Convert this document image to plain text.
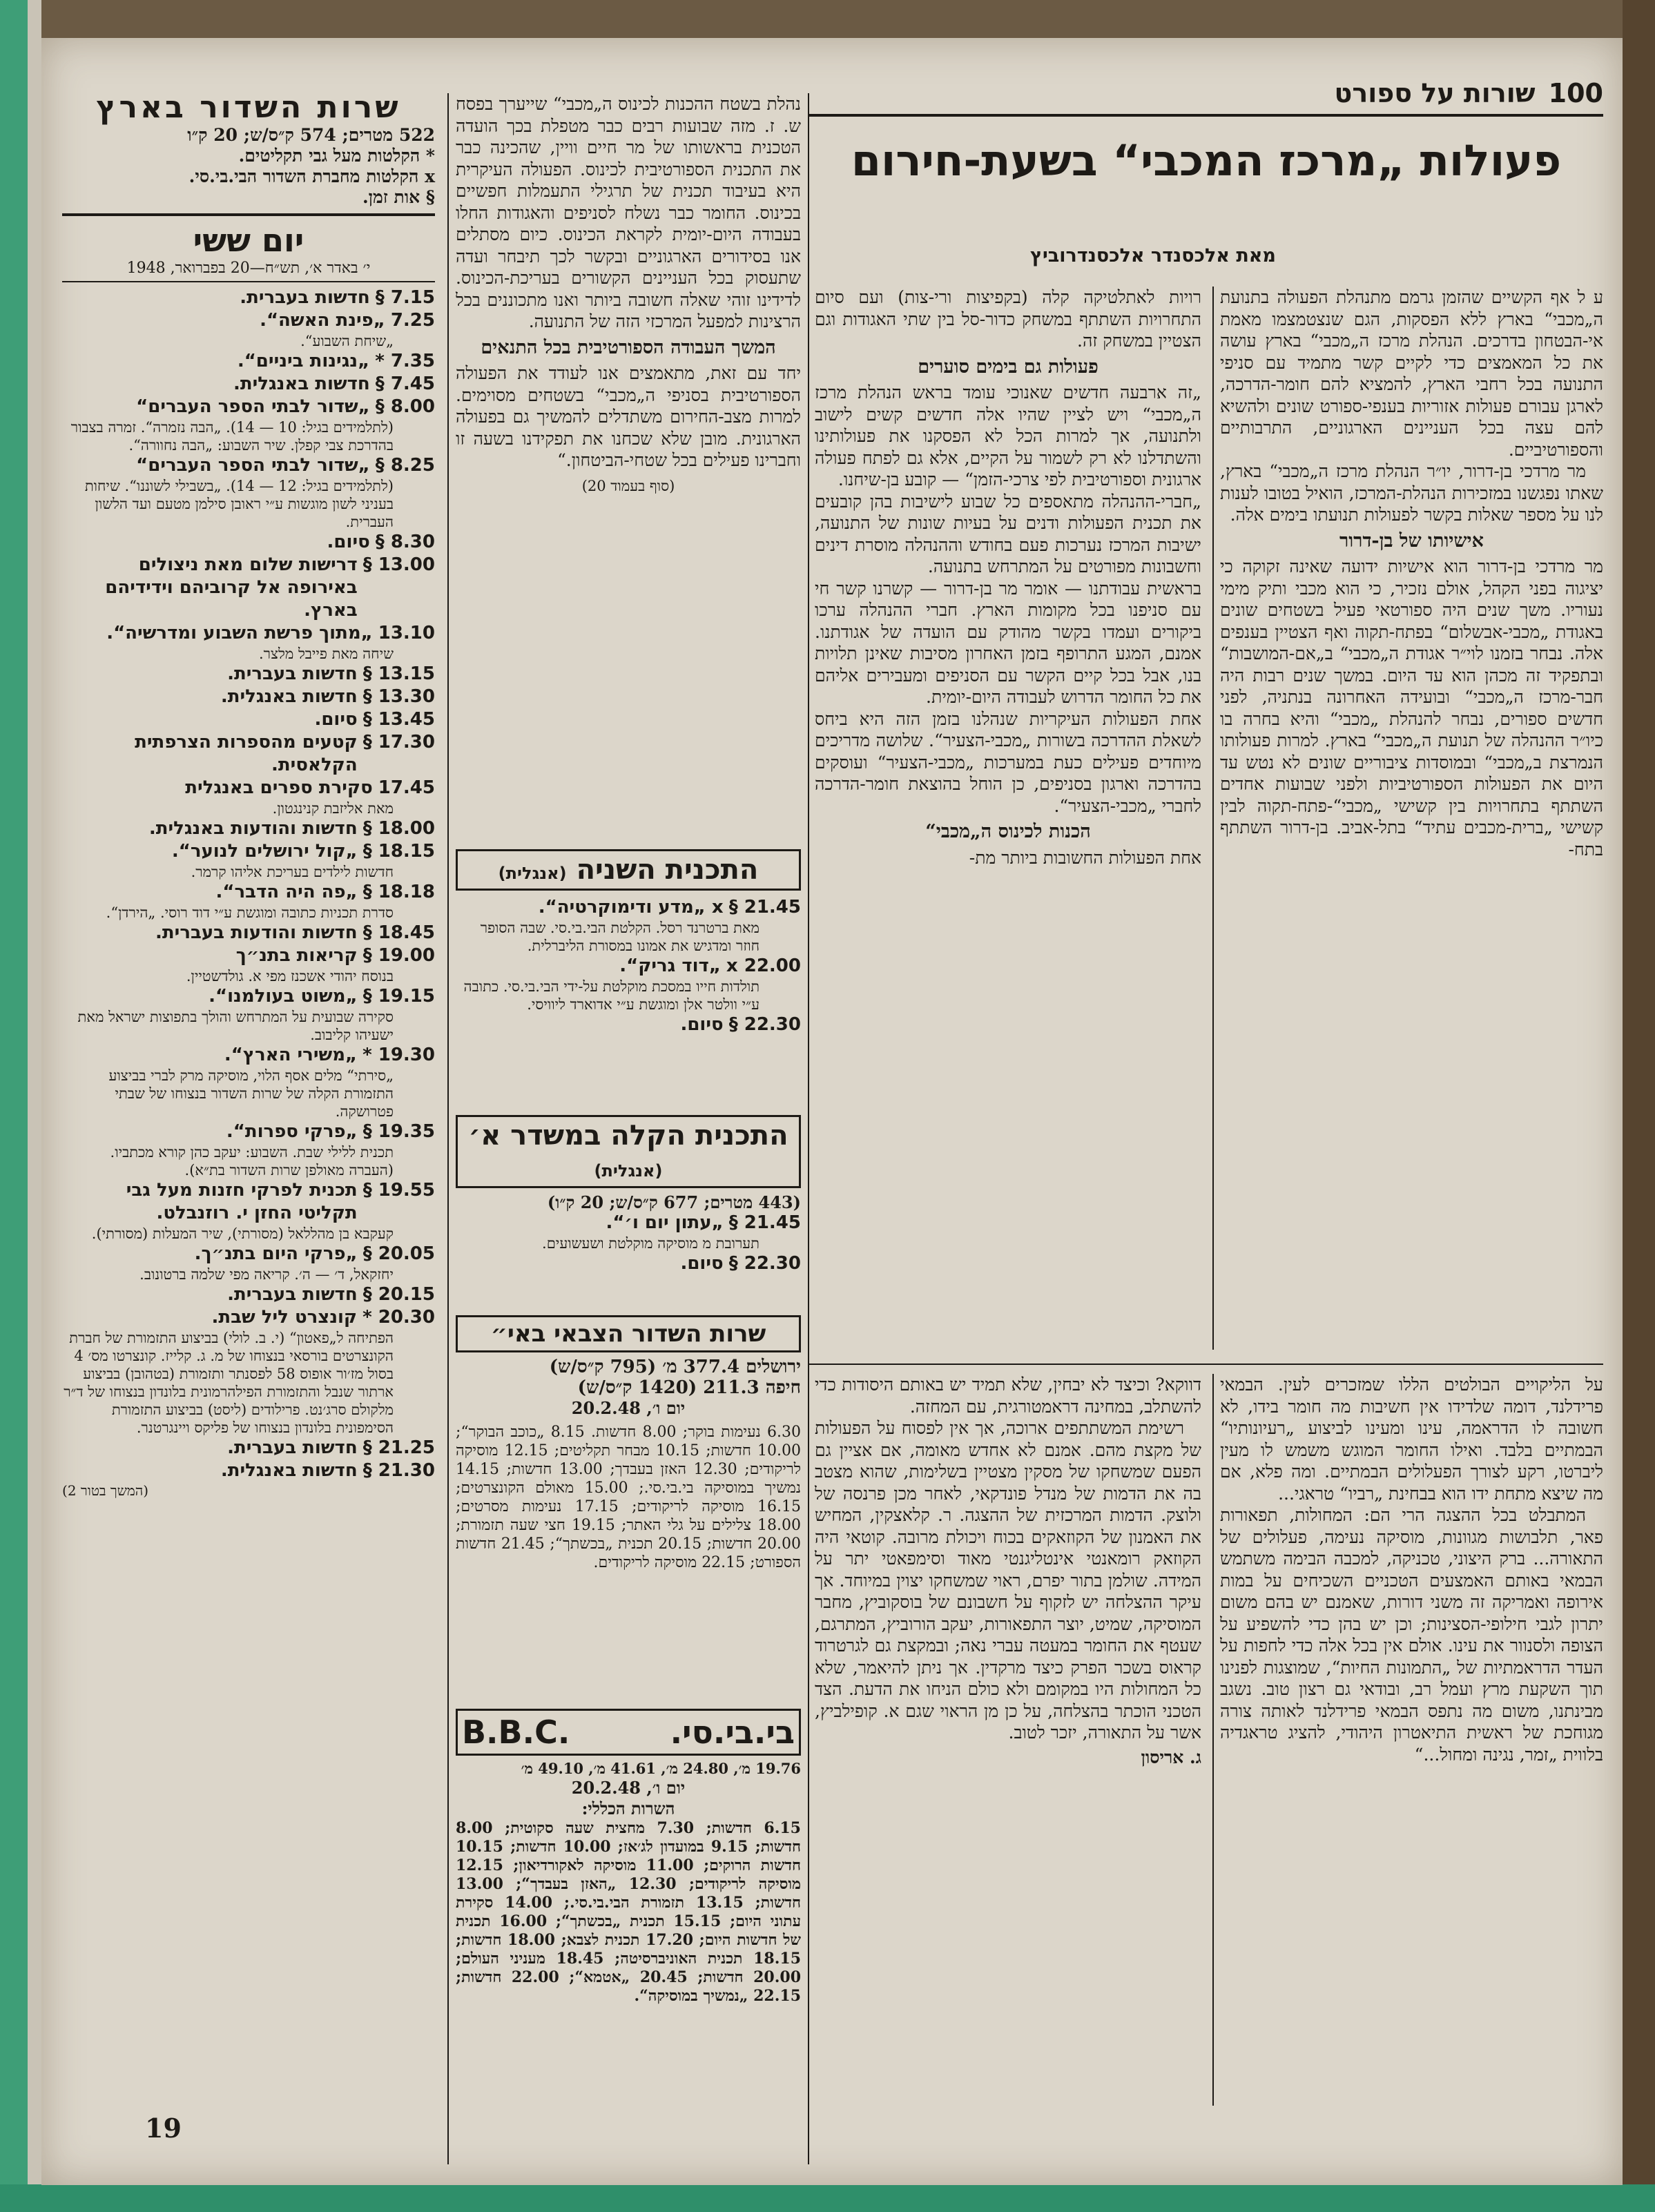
100 שורות על ספורט
פעולות „מרכז המכבי“ בשעת-חירום
מאת אלכסנדר אלכסנדרוביץ

ע ל אף הקשיים שהזמן גרמם מתנהלת הפעולה בתנועת ה„מכבי“ בארץ ללא הפסקות, הגם שנצטמצמו מאמת אי-הבטחון בדרכים. הנהלת מרכז ה„מכבי“ בארץ עושה את כל המאמצים כדי לקיים קשר מתמיד עם סניפי התנועה בכל רחבי הארץ, להמציא להם חומר-הדרכה, לארגן עבורם פעולות אזוריות בענפי-ספורט שונים ולהשיא להם עצה בכל העניינים הארגוניים, התרבותיים והספורטיביים.

מר מרדכי בן-דרור, יו״ר הנהלת מרכז ה„מכבי“ בארץ, שאתו נפגשנו במזכירות הנהלת-המרכז, הואיל בטובו לענות לנו על מספר שאלות בקשר לפעולות תנועתו בימים אלה.

אישיותו של בן-דרור

מר מרדכי בן-דרור הוא אישיות ידועה שאינה זקוקה כי יציגוה בפני הקהל, אולם נזכיר, כי הוא מכבי ותיק מימי נעוריו. משך שנים היה ספורטאי פעיל בשטחים שונים באגודת „מכבי-אבשלום“ בפתח-תקוה ואף הצטיין בענפים אלה. נבחר בזמנו לוי״ר אגודת ה„מכבי“ ב„אם-המושבות“ ובתפקיד זה מכהן הוא עד היום. במשך שנים רבות היה חבר-מרכז ה„מכבי“ ובועידה האחרונה בנתניה, לפני חדשים ספורים, נבחר להנהלת „מכבי“ והיא בחרה בו כיו״ר ההנהלה של תנועת ה„מכבי“ בארץ. למרות פעולותו הנמרצת ב„מכבי“ ובמוסדות ציבוריים שונים לא נטש עד היום את הפעולות הספורטיביות ולפני שבועות אחדים השתתף בתחרויות בין קשישי „מכבי“-פתח-תקוה לבין קשישי „ברית-מכבים עתיד“ בתל-אביב. בן-דרור השתתף בתח-

רויות לאתלטיקה קלה (בקפיצות ורי-צות) ועם סיום התחרויות השתתף במשחק כדור-סל בין שתי האגודות וגם הצטיין במשחק זה.

פעולות גם בימים סוערים

„זה ארבעה חדשים שאנוכי עומד בראש הנהלת מרכז ה„מכבי“ ויש לציין שהיו אלה חדשים קשים לישוב ולתנועה, אך למרות הכל לא הפסקנו את פעולותינו והשתדלנו לא רק לשמור על הקיים, אלא גם לפתח פעולה ארגונית וספורטיבית לפי צרכי-הזמן“ — קובע בן-שיחנו.

„חברי-ההנהלה מתאספים כל שבוע לישיבות בהן קובעים את תכנית הפעולות ודנים על בעיות שונות של התנועה, ישיבות המרכז נערכות פעם בחודש וההנהלה מוסרת דינים וחשבונות מפורטים על המתרחש בתנועה.

בראשית עבודתנו — אומר מר בן-דרור — קשרנו קשר חי עם סניפנו בכל מקומות הארץ. חברי ההנהלה ערכו ביקורים ועמדו בקשר מהודק עם הועדה של אגודתנו. אמנם, המגע התרופף בזמן האחרון מסיבות שאינן תלויות בנו, אבל בכל קיים הקשר עם הסניפים ומעבירים אליהם את כל החומר הדרוש לעבודה היום-יומית.

אחת הפעולות העיקריות שנהלנו בזמן הזה היא ביחס לשאלת ההדרכה בשורות „מכבי-הצעיר“. שלושה מדריכים מיוחדים פעילים כעת במערכות „מכבי-הצעיר“ ועוסקים בהדרכה וארגון בסניפים, כן הוחל בהוצאת חומר-הדרכה לחברי „מכבי-הצעיר“.

הכנות לכינוס ה„מכבי“

אחת הפעולות החשובות ביותר מת-

נהלת בשטח ההכנות לכינוס ה„מכבי“ שייערך בפסח ש. ז. מזה שבועות רבים כבר מטפלת בכך הועדה הטכנית בראשותו של מר חיים וויין, שהכינה כבר את התכנית הספורטיבית לכינוס. הפעולה העיקרית היא בעיבוד תכנית של תרגילי התעמלות חפשיים בכינוס. החומר כבר נשלח לסניפים והאגודות החלו בעבודה היום-יומית לקראת הכינוס. כיום מסתלים אנו בסידורים הארגוניים ובקשר לכך תיבחר ועדה שתעסוק בכל העניינים הקשורים בעריכת-הכינוס. לדידינו זוהי שאלה חשובה ביותר ואנו מתכוננים בכל הרצינות למפעל המרכזי הזה של התנועה.

המשך העבודה הספורטיבית בכל התנאים

יחד עם זאת, מתאמצים אנו לעודד את הפעולה הספורטיבית בסניפי ה„מכבי“ בשטחים מסוימים. למרות מצב-החירום משתדלים להמשיך גם בפעולה הארגונית. מובן שלא שכחנו את תפקידנו בשעה זו וחברינו פעילים בכל שטחי-הביטחון.“

(סוף בעמוד 20)

על הליקויים הבולטים הללו שמזכרים לעין. הבמאי פרידלנד, דומה שלדידו אין חשיבות מה חומר בידו, לא חשובה לו הדראמה, עינו ומעינו לביצוע „רעיונותיו“ הבמתיים בלבד. ואילו החומר המוגש משמש לו מעין ליברטו, רקע לצורך הפעלולים הבמתיים. ומה פלא, אם מה שיצא מתחת ידו הוא בבחינת „רביו“ טראגי...

המתבלט בכל ההצגה הרי הם: המחולות, תפאורות פאר, תלבושות מגוונות, מוסיקה נעימה, פעלולים של התאורה... ברק היצוני, טכניקה, למכבה הבימה משתמש הבמאי באותם האמצעים הטכניים השכיחים על במות אירופה ואמריקה זה משני דורות, שאמנם יש בהם משום יתרון לגבי חילופי-הסצינות; וכן יש בהן כדי להשפיע על הצופה ולסנוור את עינו. אולם אין בכל אלה כדי לחפות על העדר הדראמתיות של „התמונות החיות“, שמוצגות לפנינו תוך השקעת מרץ ועמל רב, ובודאי גם רצון טוב. נשגב מבינתנו, משום מה נתפס הבמאי פרידלנד לאותה צורה מגוחכת של ראשית התיאטרון היהודי, להציג טראגדיה בלווית „זמר, נגינה ומחול...“

דווקא? וכיצד לא יבחין, שלא תמיד יש באותם היסודות כדי להשתלב, במחינה דראמטורגית, עם המחזה.

רשימת המשתתפים ארוכה, אך אין לפסוח על הפעולות של מקצת מהם. אמנם לא אחדש מאומה, אם אציין גם הפעם שמשחקו של מסקין מצטיין בשלימות, שהוא מצטב בה את הדמות של מנדל פונדקאי, לאחר מכן פרנסה של ולוצק. הדמות המרכזית של ההצגה. ר. קלאצקין, המחיש את האמנון של הקוזאקים בכוח ויכולת מרובה. קוטאי היה הקוזאק רומאנטי אינטליגנטי מאוד וסימפאטי יתר על המידה. שולמן בתור יפרם, ראוי שמשחקו יצוין במיוחד. אך עיקר ההצלחה יש לזקוף על חשבונם של בוסקוביץ, מחבר המוסיקה, שמיט, יוצר התפאורות, יעקב הורוביץ, המתרגם, שעטף את החומר במעטה עברי נאה; ובמקצת גם לגרטרוד קראוס בשכר הפרק כיצד מרקדין. אך ניתן להיאמר, שלא כל המחולות היו במקומם ולא כולם הניחו את הדעת. הצד הטכני הוכתר בהצלחה, על כן מן הראוי שגם א. קופילביץ, אשר על התאורה, יזכר לטוב.

ג. אריסון

התכנית השניה (אנגלית)
21.45 §
x „מדע ודימוקרטיה“.
מאת ברטרנד רסל. הקלטת הבי.בי.סי. שבה הסופר חוזר ומדגיש את אמונו במסורת הליברלית.
22.00 x
„דוד גריק“.
תולדות חייו במסכת מוקלטת על-ידי הבי.בי.סי. כתובה ע״י וולטר אלן ומוגשת ע״י אדוארד ליוויסי.
22.30 §
סיום.
התכנית הקלה במשדר א׳ (אנגלית)
(443 מטרים; 677 ק״ס/ש; 20 ק״ו)
21.45 §
„עתון יום ו׳“.
תערובת מ מוסיקה מוקלטת ושעשועים.
22.30 §
סיום.
שרות השדור הצבאי באי״
ירושלים 377.4 מ׳ (795 ק״ס/ש)
חיפה 211.3 (1420 ק״ס/ש)
יום ו׳, 20.2.48
6.30 נעימות בוקר; 8.00 חדשות. 8.15 „כוכב הבוקר“; 10.00 חדשות; 10.15 מבחר תקליטים; 12.15 מוסיקה לריקודים; 12.30 האזן בעבדך; 13.00 חדשות; 14.15 נמשיך במוסיקה בי.בי.סי.; 15.00 מאולם הקונצרטים; 16.15 מוסיקה לריקודים; 17.15 נעימות מסרטים; 18.00 צלילים על גלי האתר; 19.15 חצי שעה תזמורת; 20.00 חדשות; 20.15 תכנית „בכשתך“; 21.45 חדשות הספורט; 22.15 מוסיקה לריקודים.
בי.בי.סי.
B.B.C.
19.76 מ׳, 24.80 מ׳, 41.61 מ׳, 49.10 מ׳
יום ו׳, 20.2.48
השרות הכללי:
6.15 חדשות; 7.30 מחצית שעה סקוטית; 8.00 חדשות; 9.15 במועדון לג׳אז; 10.00 חדשות; 10.15 חדשות הרוקים; 11.00 מוסיקה לאקורדיאון; 12.15 מוסיקה לריקודים; 12.30 „האזן בעבדך“; 13.00 חדשות; 13.15 תזמורת הבי.בי.סי.; 14.00 סקירת עתוני היום; 15.15 תכנית „בכשתך“; 16.00 תכנית של חדשות היום; 17.20 תכנית לצבא; 18.00 חדשות; 18.15 תכנית האוניברסיטה; 18.45 מעניני העולם; 20.00 חדשות; 20.45 „אטמא“; 22.00 חדשות; 22.15 „נמשיך במוסיקה“.
שרות השדור בארץ
522 מטרים; 574 ק״ס/ש; 20 ק״ו
* הקלטות מעל גבי תקליטים.
x הקלטות מחברת השדור הבי.בי.סי.
§ אות זמן.
יום ששי
י׳ באדר א׳, תש״ח—20 בפברואר, 1948
7.15 §
חדשות בעברית.
7.25
„פינת האשה“.
„שיחת השבוע“.
7.35 *
„נגינות ביניים“.
7.45 §
חדשות באנגלית.
8.00 §
„שדור לבתי הספר העברים“
(לתלמידים בגיל: 10 — 14). „הבה נזמרה“. זמרה בצבור בהדרכת צבי קפלן. שיר השבוע: „הבה נחוורה“.
8.25 §
„שדור לבתי הספר העברים“
(לתלמידים בגיל: 12 — 14). „בשבילי לשוננו“. שיחות בעניני לשון מוגשות ע״י ראובן סילמן מטעם ועד הלשון העברית.
8.30 §
סיום.
13.00 §
דרישות שלום מאת ניצולים באירופה אל קרוביהם וידידיהם בארץ.
13.10
„מתוך פרשת השבוע ומדרשיה“.
שיחה מאת פייבל מלצר.
13.15 §
חדשות בעברית.
13.30 §
חדשות באנגלית.
13.45 §
סיום.
17.30 §
קטעים מהספרות הצרפתית הקלאסית.
17.45
סקירת ספרים באנגלית
מאת אליזבת קנינגטון.
18.00 §
חדשות והודעות באנגלית.
18.15 §
„קול ירושלים לנוער“.
חדשות לילדים בעריכת אליהו קרמר.
18.18 §
„פה היה הדבר“.
סדרת תכניות כתובה ומוגשת ע״י דוד רוסי. „הירדן“.
18.45 §
חדשות והודעות בעברית.
19.00 §
קריאות בתנ״ך
בנוסח יהודי אשכנז מפי א. גולדשטיין.
19.15 §
„משוט בעולמנו“.
סקירה שבועית על המתרחש והולך בתפוצות ישראל מאת ישעיהו קליבוב.
19.30 *
„משירי הארץ“.
„סירתי“ מלים אסף הלוי, מוסיקה מרק לברי בביצוע התזמורת הקלה של שרות השדור בנצוחו של שבתי פטרושקה.
19.35 §
„פרקי ספרות“.
תכנית ללילי שבת. השבוע: יעקב כהן קורא מכתביו. (העברה מאולפן שרות השדור בת״א).
19.55 §
תכנית לפרקי חזנות מעל גבי תקליטי החזן י. רוזנבלט.
קעקבא בן מהללאל (מסורתי), שיר המעלות (מסורתי).
20.05 §
„פרקי היום בתנ״ך.
יחזקאל, ד׳ — ה׳. קריאה מפי שלמה ברטונוב.
20.15 §
חדשות בעברית.
20.30 *
קונצרט ליל שבת.
הפתיחה ל„פאטון“ (י. ב. לולי) בביצוע התזמורת של חברת הקונצרטים בורסאי בנצוחו של מ. ג. קלייז. קונצרטו מס׳ 4 בסול מז׳ור אופוס 58 לפסנתר ותזמורת (בטהובן) בביצוע ארתור שנבל והתזמורת הפילהרמונית בלונדון בנצוחו של ד״ר מלקולם סרג׳נט. פרילודים (ליסט) בביצוע התזמורת הסימפונית בלונדון בנצוחו של פליקס ויינגרטנר.
21.25 §
חדשות בעברית.
21.30 §
חדשות באנגלית.
(המשך בטור 2)
19
